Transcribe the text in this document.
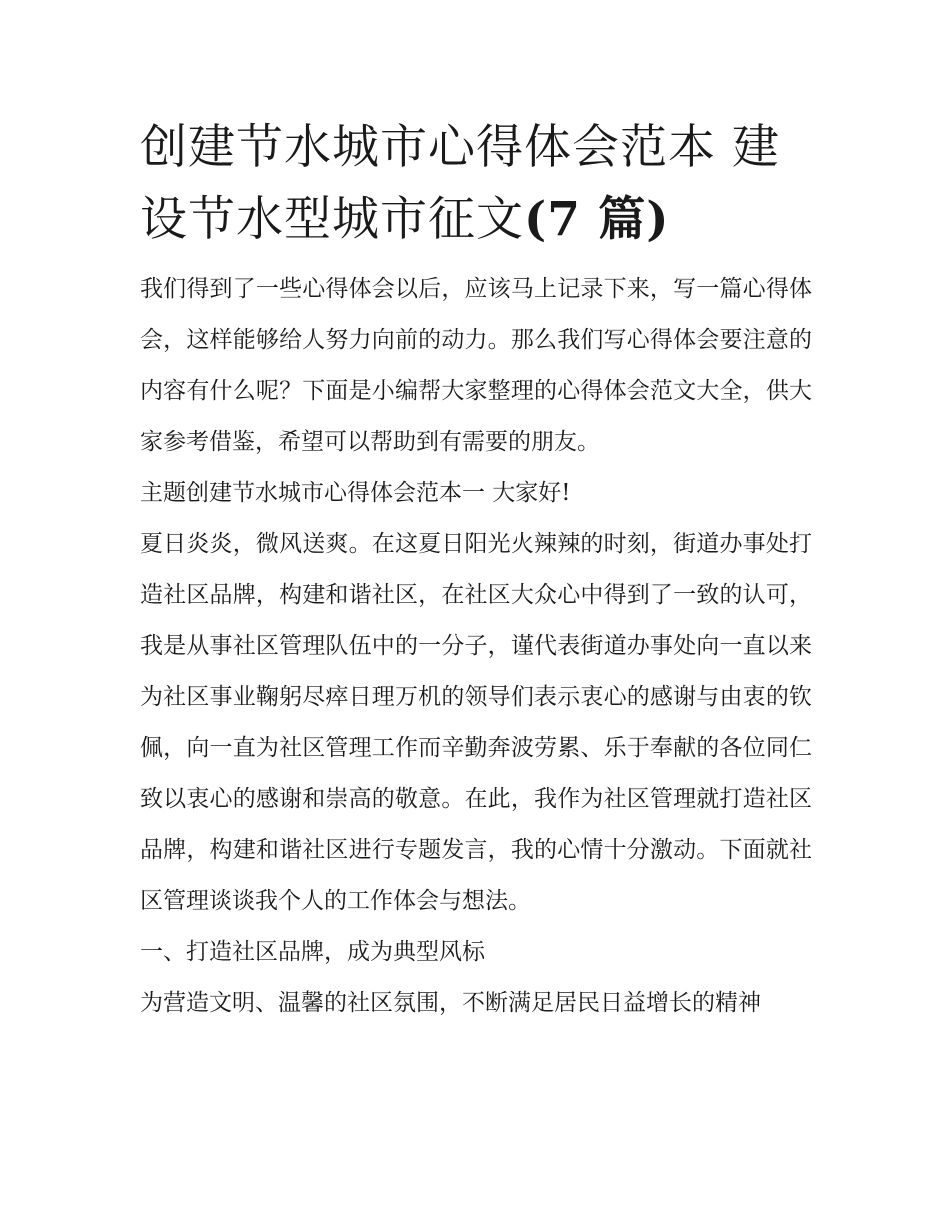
创建节水城市心得体会范本 建设节水型城市征文(7 篇)

我们得到了一些心得体会以后，应该马上记录下来，写一篇心得体会，这样能够给人努力向前的动力。那么我们写心得体会要注意的内容有什么呢？下面是小编帮大家整理的心得体会范文大全，供大家参考借鉴，希望可以帮助到有需要的朋友。

主题创建节水城市心得体会范本一 大家好!

夏日炎炎，微风送爽。在这夏日阳光火辣辣的时刻，街道办事处打造社区品牌，构建和谐社区，在社区大众心中得到了一致的认可，我是从事社区管理队伍中的一分子，谨代表街道办事处向一直以来为社区事业鞠躬尽瘁日理万机的领导们表示衷心的感谢与由衷的钦佩，向一直为社区管理工作而辛勤奔波劳累、乐于奉献的各位同仁致以衷心的感谢和崇高的敬意。在此，我作为社区管理就打造社区品牌，构建和谐社区进行专题发言，我的心情十分激动。下面就社区管理谈谈我个人的工作体会与想法。

一、打造社区品牌，成为典型风标

为营造文明、温馨的社区氛围，不断满足居民日益增长的精神
